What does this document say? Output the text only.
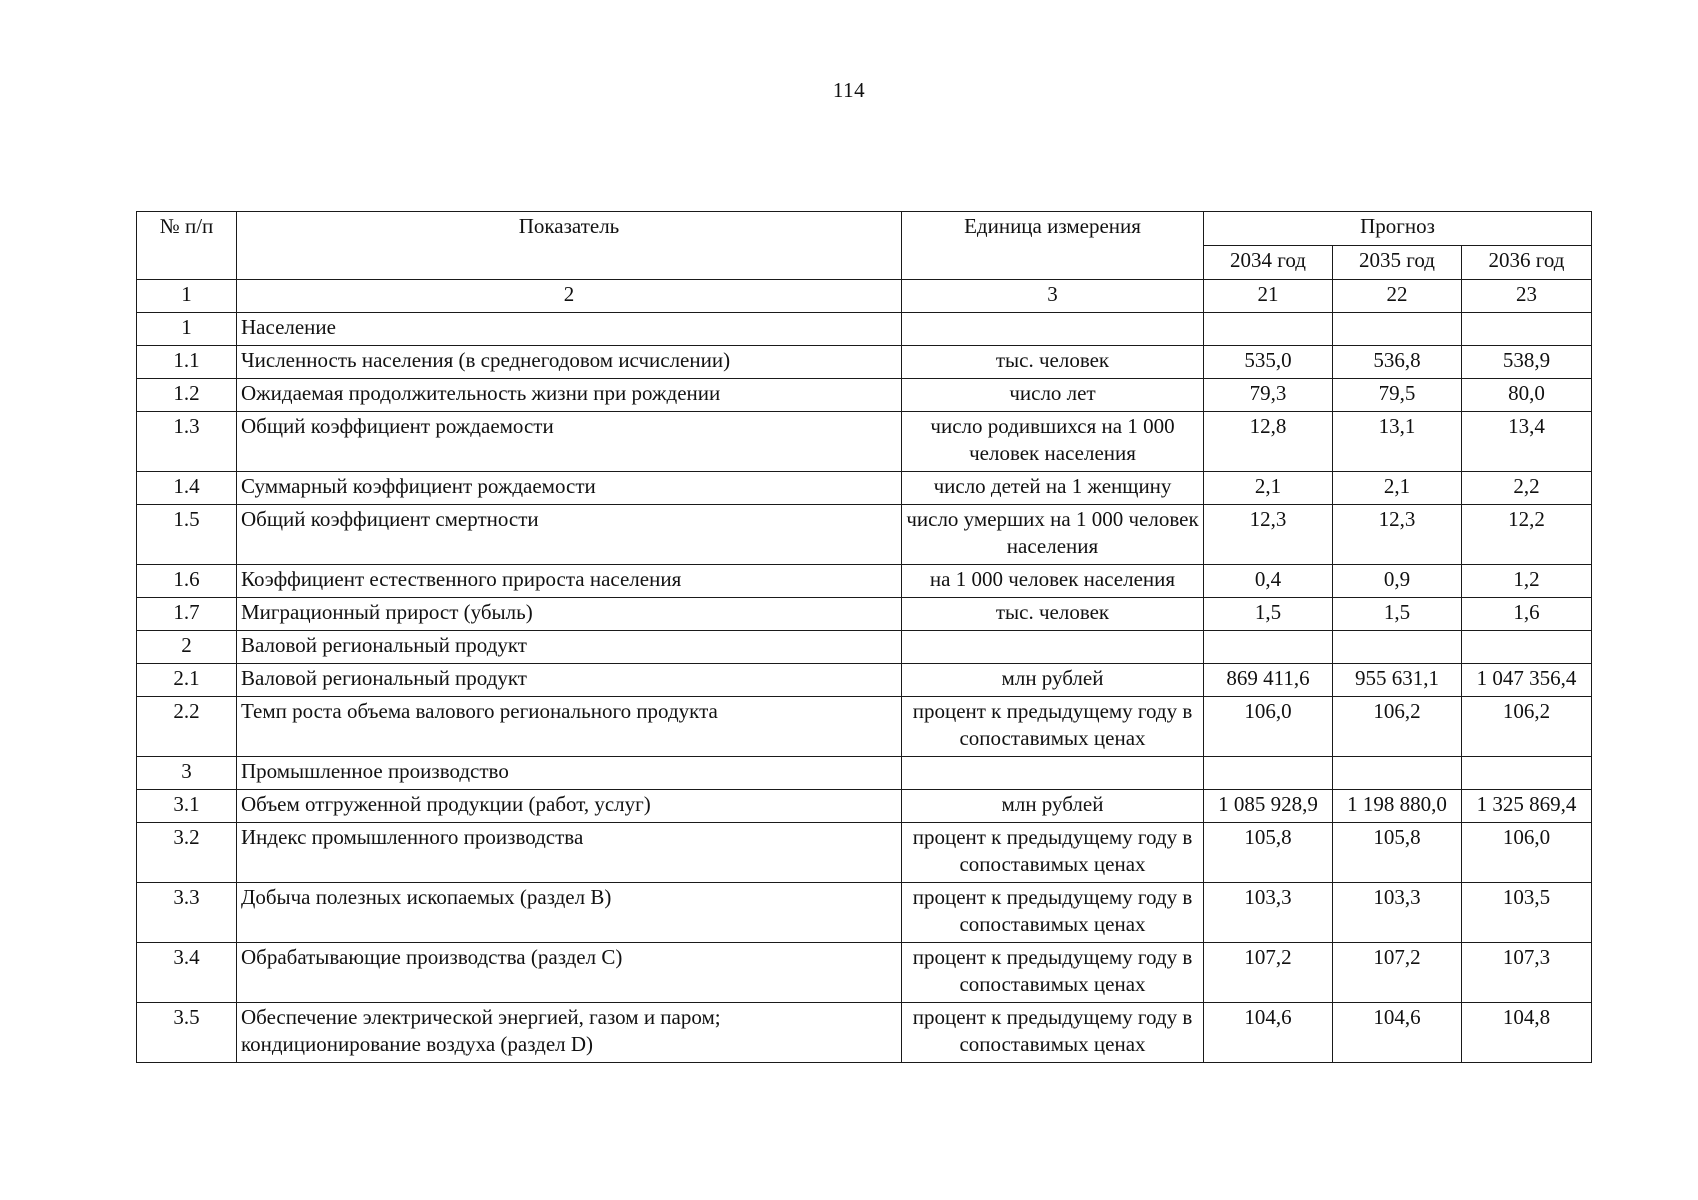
114
№ п/п	Показатель	Единица измерения	Прогноз		
			2034 год	2035 год	2036 год
1	2	3	21	22	23
1	Население				
1.1	Численность населения (в среднегодовом исчислении)	тыс. человек	535,0	536,8	538,9
1.2	Ожидаемая продолжительность жизни при рождении	число лет	79,3	79,5	80,0
1.3	Общий коэффициент рождаемости	число родившихся на 1 000 человек населения	12,8	13,1	13,4
1.4	Суммарный коэффициент рождаемости	число детей на 1 женщину	2,1	2,1	2,2
1.5	Общий коэффициент смертности	число умерших на 1 000 человек населения	12,3	12,3	12,2
1.6	Коэффициент естественного прироста населения	на 1 000 человек населения	0,4	0,9	1,2
1.7	Миграционный прирост (убыль)	тыс. человек	1,5	1,5	1,6
2	Валовой региональный продукт				
2.1	Валовой региональный продукт	млн рублей	869 411,6	955 631,1	1 047 356,4
2.2	Темп роста объема валового регионального продукта	процент к предыдущему году в сопоставимых ценах	106,0	106,2	106,2
3	Промышленное производство				
3.1	Объем отгруженной продукции (работ, услуг)	млн рублей	1 085 928,9	1 198 880,0	1 325 869,4
3.2	Индекс промышленного производства	процент к предыдущему году в сопоставимых ценах	105,8	105,8	106,0
3.3	Добыча полезных ископаемых (раздел B)	процент к предыдущему году в сопоставимых ценах	103,3	103,3	103,5
3.4	Обрабатывающие производства (раздел C)	процент к предыдущему году в сопоставимых ценах	107,2	107,2	107,3
3.5	Обеспечение электрической энергией, газом и паром; кондиционирование воздуха (раздел D)	процент к предыдущему году в сопоставимых ценах	104,6	104,6	104,8
